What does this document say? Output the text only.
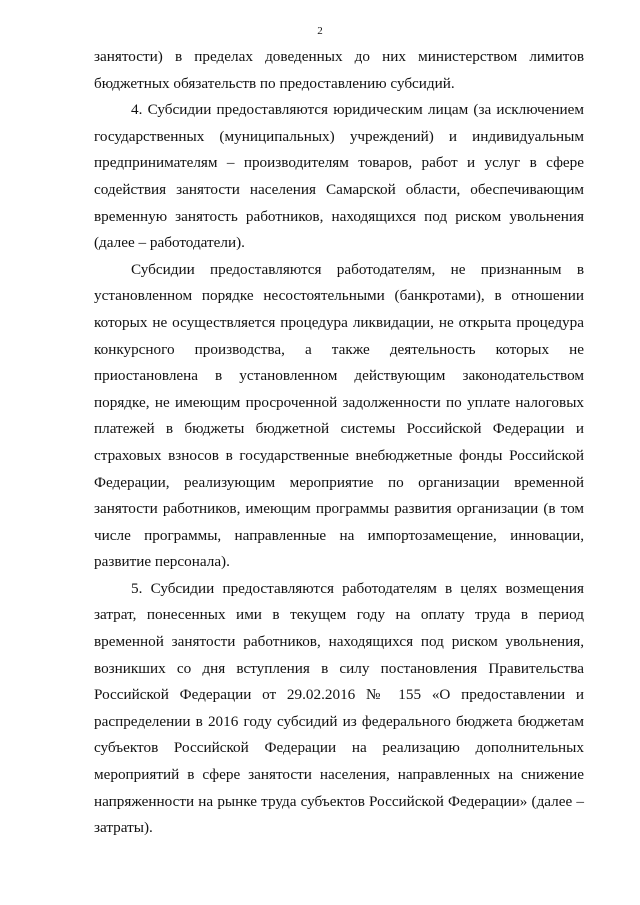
2

занятости) в пределах доведенных до них министерством лимитов бюджетных обязательств по предоставлению субсидий.

4. Субсидии предоставляются юридическим лицам (за исключением государственных (муниципальных) учреждений) и индивидуальным предпринимателям – производителям товаров, работ и услуг в сфере содействия занятости населения Самарской области, обеспечивающим временную занятость работников, находящихся под риском увольнения (далее – работодатели).

Субсидии предоставляются работодателям, не признанным в установленном порядке несостоятельными (банкротами), в отношении которых не осуществляется процедура ликвидации, не открыта процедура конкурсного производства, а также деятельность которых не приостановлена в установленном действующим законодательством порядке, не имеющим просроченной задолженности по уплате налоговых платежей в бюджеты бюджетной системы Российской Федерации и страховых взносов в государственные внебюджетные фонды Российской Федерации, реализующим мероприятие по организации временной занятости работников, имеющим программы развития организации (в том числе программы, направленные на импортозамещение, инновации, развитие персонала).

5. Субсидии предоставляются работодателям в целях возмещения затрат, понесенных ими в текущем году на оплату труда в период временной занятости работников, находящихся под риском увольнения, возникших со дня вступления в силу постановления Правительства Российской Федерации от 29.02.2016 № 155 «О предоставлении и распределении в 2016 году субсидий из федерального бюджета бюджетам субъектов Российской Федерации на реализацию дополнительных мероприятий в сфере занятости населения, направленных на снижение напряженности на рынке труда субъектов Российской Федерации» (далее – затраты).
